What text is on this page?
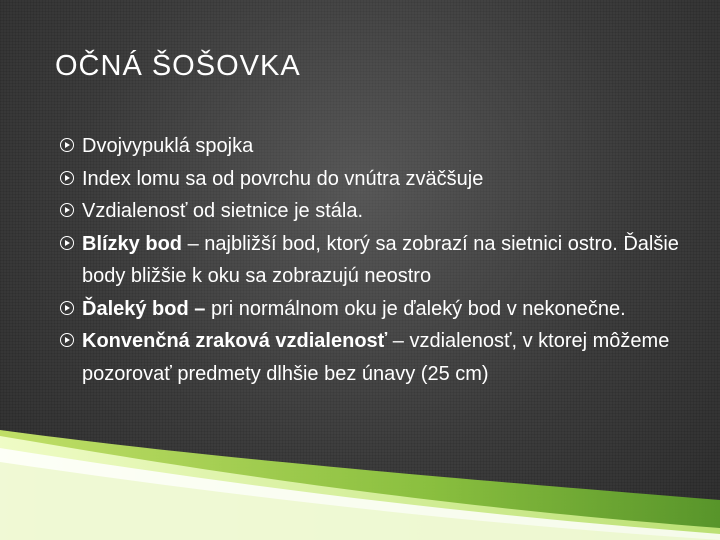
OČNÁ ŠOŠOVKA
Dvojvypuklá spojka
Index lomu sa od povrchu do vnútra zväčšuje
Vzdialenosť od sietnice je stála.
Blízky bod – najbližší bod, ktorý sa zobrazí na sietnici ostro. Ďalšie body bližšie k oku sa zobrazujú neostro
Ďaleký bod – pri normálnom oku je ďaleký bod v nekonečne.
Konvenčná zraková vzdialenosť – vzdialenosť, v ktorej môžeme pozorovať predmety dlhšie bez únavy (25 cm)
